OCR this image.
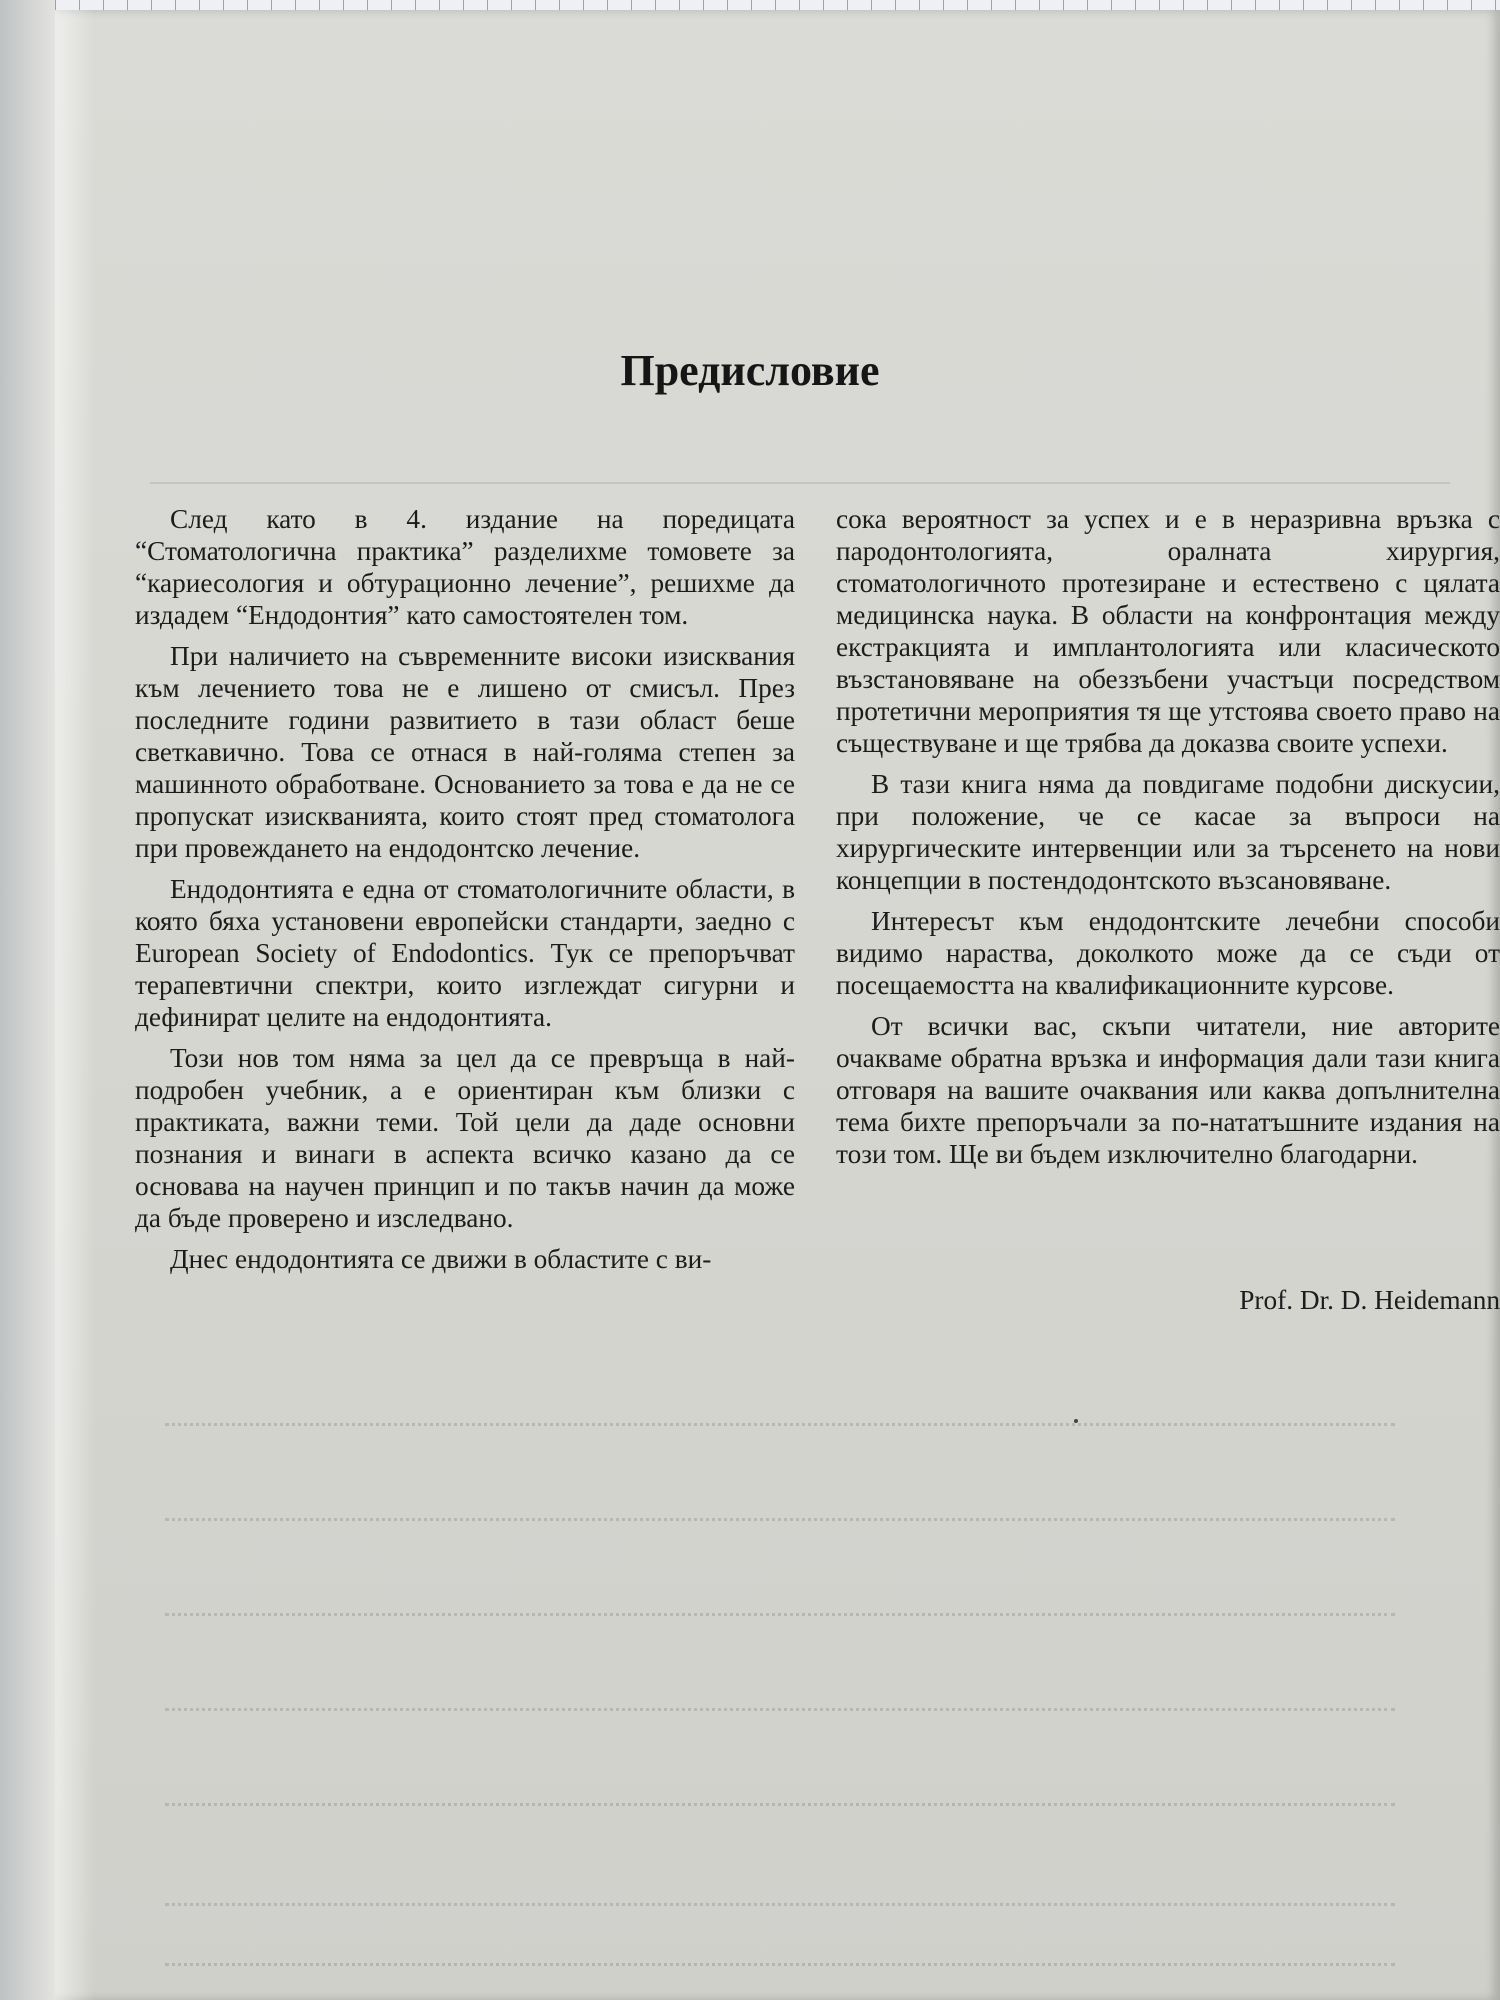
Предисловие

След като в 4. издание на поредицата “Стоматологична практика” разделихме томовете за “кариесология и обтурационно лечение”, решихме да издадем “Ендодонтия” като самостоятелен том.

При наличието на съвременните високи изисквания към лечението това не е лишено от смисъл. През последните години развитието в тази област беше светкавично. Това се отнася в най-голяма степен за машинното обработване. Основанието за това е да не се пропускат изискванията, които стоят пред стоматолога при провеждането на ендодонтско лечение.

Ендодонтията е една от стоматологичните области, в която бяха установени европейски стандарти, заедно с European Society of Endodontics. Тук се препоръчват терапевтични спектри, които изглеждат сигурни и дефинират целите на ендодонтията.

Този нов том няма за цел да се превръща в най-подробен учебник, а е ориентиран към близки с практиката, важни теми. Той цели да даде основни познания и винаги в аспекта всичко казано да се основава на научен принцип и по такъв начин да може да бъде проверено и изследвано.

Днес ендодонтията се движи в областите с ви-

сока вероятност за успех и е в неразривна връзка с пародонтологията, оралната хирургия, стоматологичното протезиране и естествено с цялата медицинска наука. В области на конфронтация между екстракцията и имплантологията или класическото възстановяване на обеззъбени участъци посредством протетични мероприятия тя ще утстоява своето право на съществуване и ще трябва да доказва своите успехи.

В тази книга няма да повдигаме подобни дискусии, при положение, че се касае за въпроси на хирургическите интервенции или за търсенето на нови концепции в постендодонтското възсановяване.

Интересът към ендодонтските лечебни способи видимо нараства, доколкото може да се съди от посещаемостта на квалификационните курсове.

От всички вас, скъпи читатели, ние авторите очакваме обратна връзка и информация дали тази книга отговаря на вашите очаквания или каква допълнителна тема бихте препоръчали за по-нататъшните издания на този том. Ще ви бъдем изключително благодарни.

Prof. Dr. D. Heidemann
